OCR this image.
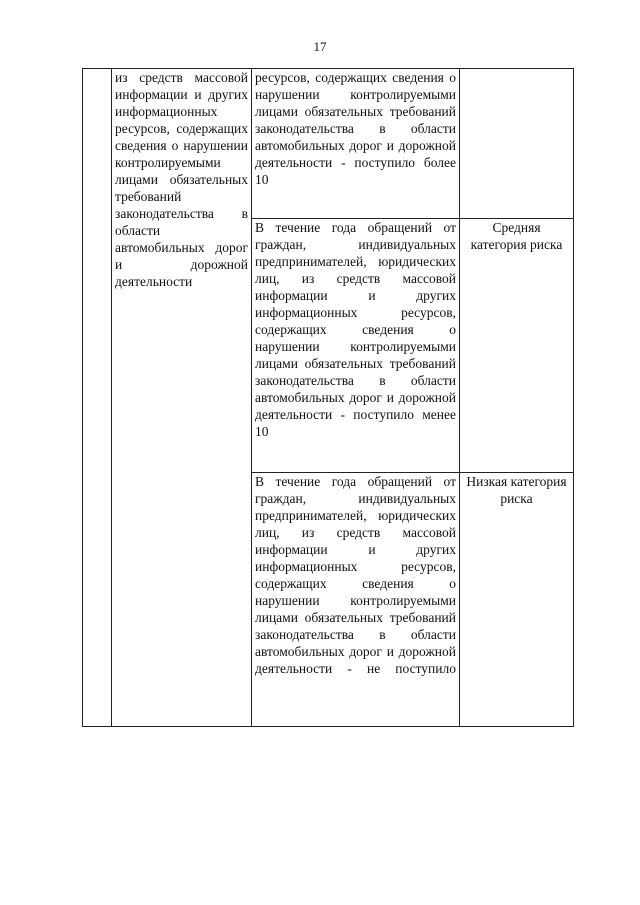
17

	из средств массовой информации и других информационных ресурсов, содержащих сведения о нарушении контролируемыми лицами обязательных требований законодательства в области автомобильных дорог и дорожной деятельности	ресурсов, содержащих сведения о нарушении контролируемыми лицами обязательных требований законодательства в области автомобильных дорог и дорожной деятельности - поступило более 10	

		В течение года обращений от граждан, индивидуальных предпринимателей, юридических лиц, из средств массовой информации и других информационных ресурсов, содержащих сведения о нарушении контролируемыми лицами обязательных требований законодательства в области автомобильных дорог и дорожной деятельности - поступило менее 10	Средняя категория риска

		В течение года обращений от граждан, индивидуальных предпринимателей, юридических лиц, из средств массовой информации и других информационных ресурсов, содержащих сведения о нарушении контролируемыми лицами обязательных требований законодательства в области автомобильных дорог и дорожной деятельности - не поступило	Низкая категория риска
